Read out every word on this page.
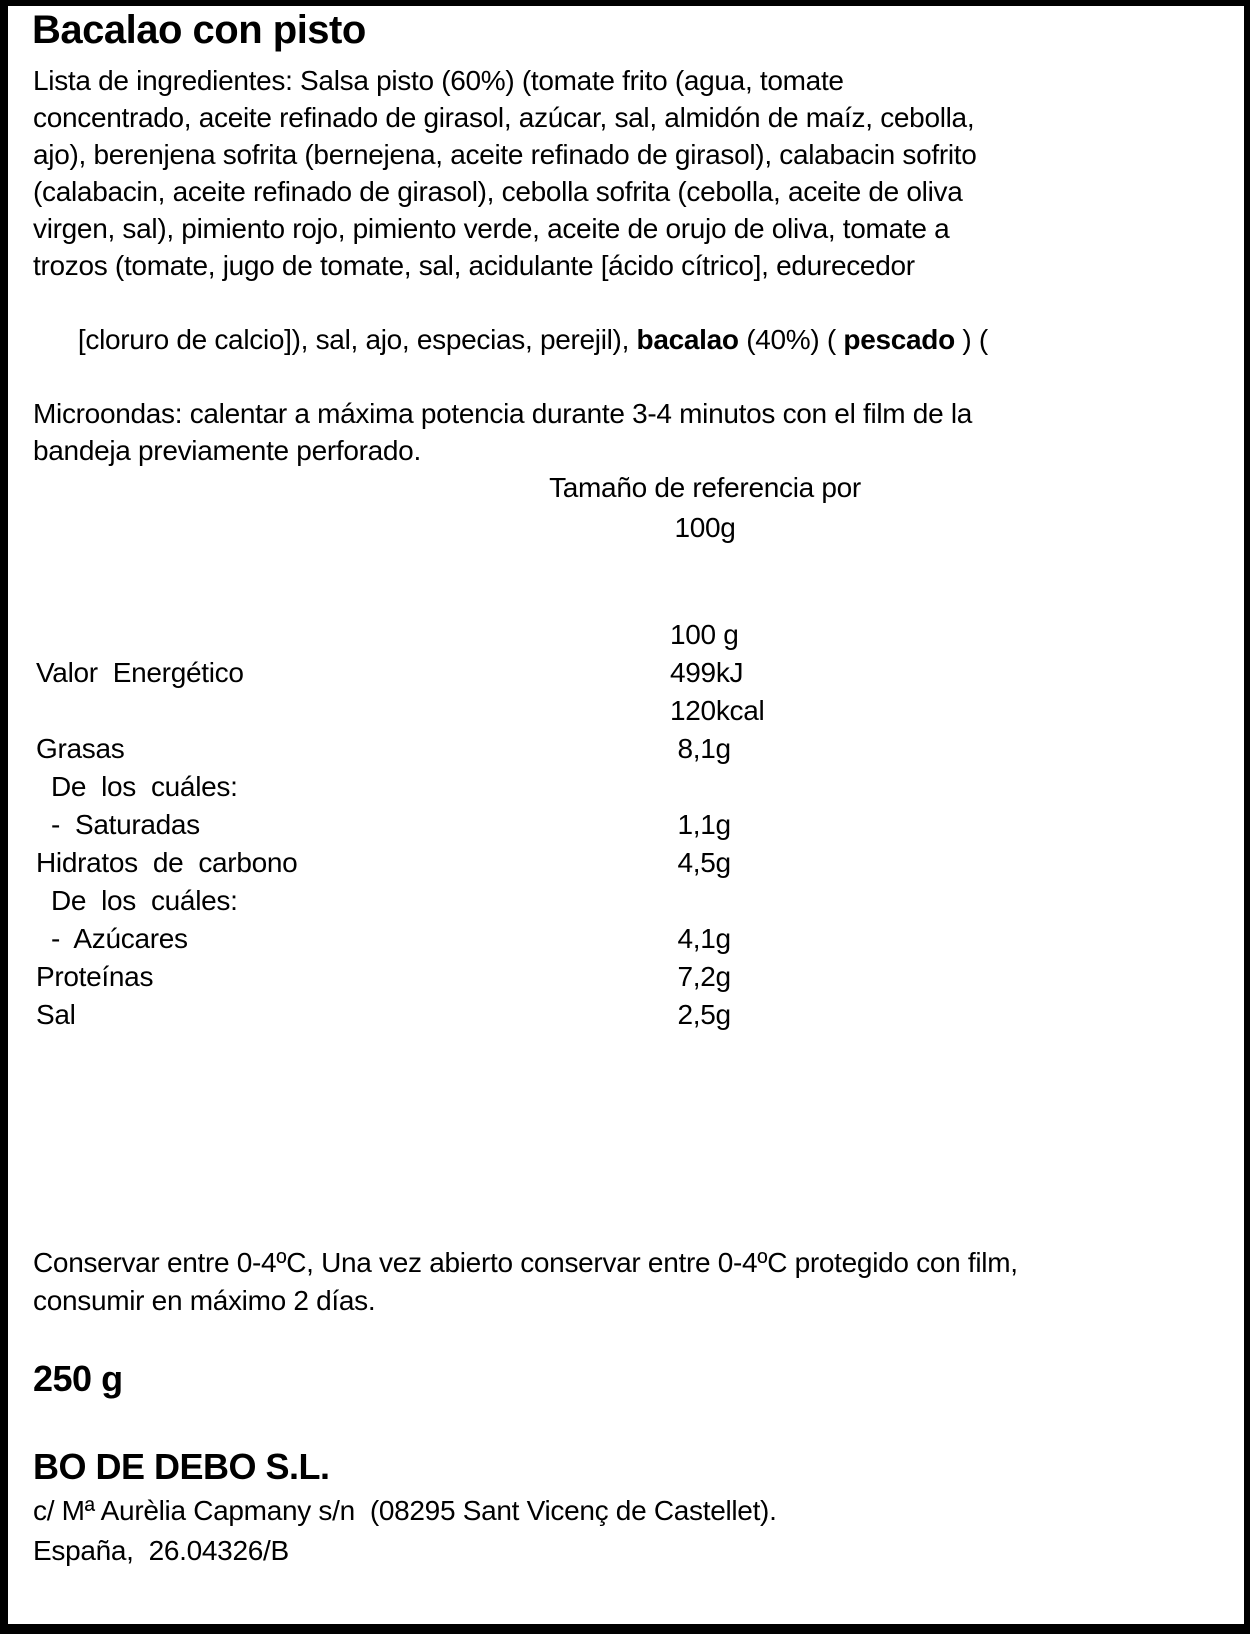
Bacalao con pisto
Lista de ingredientes: Salsa pisto (60%) (tomate frito (agua, tomate
concentrado, aceite refinado de girasol, azúcar, sal, almidón de maíz, cebolla,
ajo), berenjena sofrita (bernejena, aceite refinado de girasol), calabacin sofrito
(calabacin, aceite refinado de girasol), cebolla sofrita (cebolla, aceite de oliva
virgen, sal), pimiento rojo, pimiento verde, aceite de orujo de oliva, tomate a
trozos (tomate, jugo de tomate, sal, acidulante [ácido cítrico], edurecedor

[cloruro de calcio]), sal, ajo, especias, perejil), bacalao (40%) ( pescado ) (

Microondas: calentar a máxima potencia durante 3-4 minutos con el film de la
bandeja previamente perforado.
Tamaño de referencia por
100g
100 g
Valor  Energético	499kJ
120kcal
Grasas	8,1g
De  los  cuáles:
-  Saturadas	1,1g
Hidratos  de  carbono	4,5g
De  los  cuáles:
-  Azúcares	4,1g
Proteínas	7,2g
Sal	2,5g
Conservar entre 0-4ºC, Una vez abierto conservar entre 0-4ºC protegido con film,
consumir en máximo 2 días.
250 g
BO DE DEBO S.L.
c/ Mª Aurèlia Capmany s/n  (08295 Sant Vicenç de Castellet).
España,  26.04326/B
